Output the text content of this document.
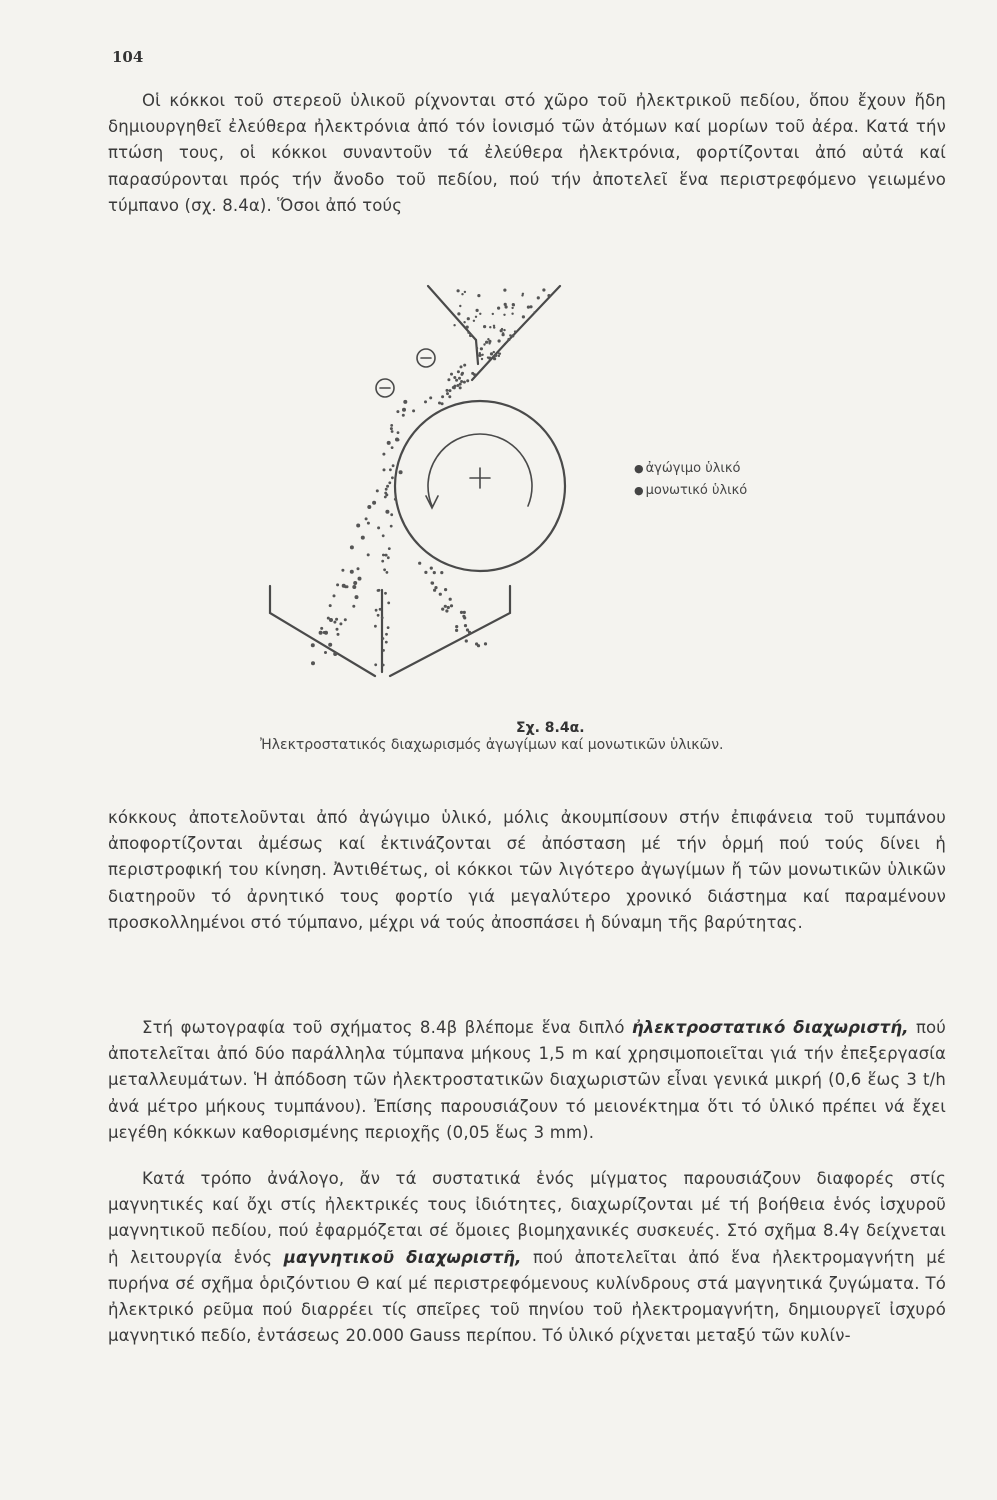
104

Οἱ κόκκοι τοῦ στερεοῦ ὑλικοῦ ρίχνονται στό χῶρο τοῦ ἠλεκτρικοῦ πεδίου, ὅπου ἔχουν ἤδη δημιουργηθεῖ ἐλεύθερα ἠλεκτρόνια ἀπό τόν ἰονισμό τῶν ἀτόμων καί μορίων τοῦ ἀέρα. Κατά τήν πτώση τους, οἱ κόκκοι συναντοῦν τά ἐλεύθερα ἠλεκτρόνια, φορτίζονται ἀπό αὐτά καί παρασύρονται πρός τήν ἄνοδο τοῦ πεδίου, πού τήν ἀποτελεῖ ἕνα περιστρεφόμενο γειωμένο τύμπανο (σχ. 8.4α). Ὅσοι ἀπό τούς

● ἀγώγιμο ὑλικό
● μονωτικό ὑλικό
Σχ. 8.4α.
Ἠλεκτροστατικός διαχωρισμός ἀγωγίμων καί μονωτικῶν ὑλικῶν.

κόκκους ἀποτελοῦνται ἀπό ἀγώγιμο ὑλικό, μόλις ἀκουμπίσουν στήν ἐπιφάνεια τοῦ τυμπάνου ἀποφορτίζονται ἀμέσως καί ἐκτινάζονται σέ ἀπόσταση μέ τήν ὁρμή πού τούς δίνει ἡ περιστροφική του κίνηση. Ἀντιθέτως, οἱ κόκκοι τῶν λιγότερο ἀγωγίμων ἤ τῶν μονωτικῶν ὑλικῶν διατηροῦν τό ἀρνητικό τους φορτίο γιά μεγαλύτερο χρονικό διάστημα καί παραμένουν προσκολλημένοι στό τύμπανο, μέχρι νά τούς ἀποσπάσει ἡ δύναμη τῆς βαρύτητας.

Στή φωτογραφία τοῦ σχήματος 8.4β βλέπομε ἕνα διπλό ἠλεκτροστατικό διαχωριστή, πού ἀποτελεῖται ἀπό δύο παράλληλα τύμπανα μήκους 1,5 m καί χρησιμοποιεῖται γιά τήν ἐπεξεργασία μεταλλευμάτων. Ἡ ἀπόδοση τῶν ἠλεκτροστατικῶν διαχωριστῶν εἶναι γενικά μικρή (0,6 ἕως 3 t/h ἀνά μέτρο μήκους τυμπάνου). Ἐπίσης παρουσιάζουν τό μειονέκτημα ὅτι τό ὑλικό πρέπει νά ἔχει μεγέθη κόκκων καθορισμένης περιοχῆς (0,05 ἕως 3 mm).

Κατά τρόπο ἀνάλογο, ἄν τά συστατικά ἑνός μίγματος παρουσιάζουν διαφορές στίς μαγνητικές καί ὄχι στίς ἠλεκτρικές τους ἰδιότητες, διαχωρίζονται μέ τή βοήθεια ἑνός ἰσχυροῦ μαγνητικοῦ πεδίου, πού ἐφαρμόζεται σέ ὅμοιες βιομηχανικές συσκευές. Στό σχῆμα 8.4γ δείχνεται ἡ λειτουργία ἑνός μαγνητικοῦ διαχωριστῆ, πού ἀποτελεῖται ἀπό ἕνα ἠλεκτρομαγνήτη μέ πυρήνα σέ σχῆμα ὁριζόντιου Θ καί μέ περιστρεφόμενους κυλίνδρους στά μαγνητικά ζυγώματα. Τό ἠλεκτρικό ρεῦμα πού διαρρέει τίς σπεῖρες τοῦ πηνίου τοῦ ἠλεκτρομαγνήτη, δημιουργεῖ ἰσχυρό μαγνητικό πεδίο, ἐντάσεως 20.000 Gauss περίπου. Τό ὑλικό ρίχνεται μεταξύ τῶν κυλίν-
